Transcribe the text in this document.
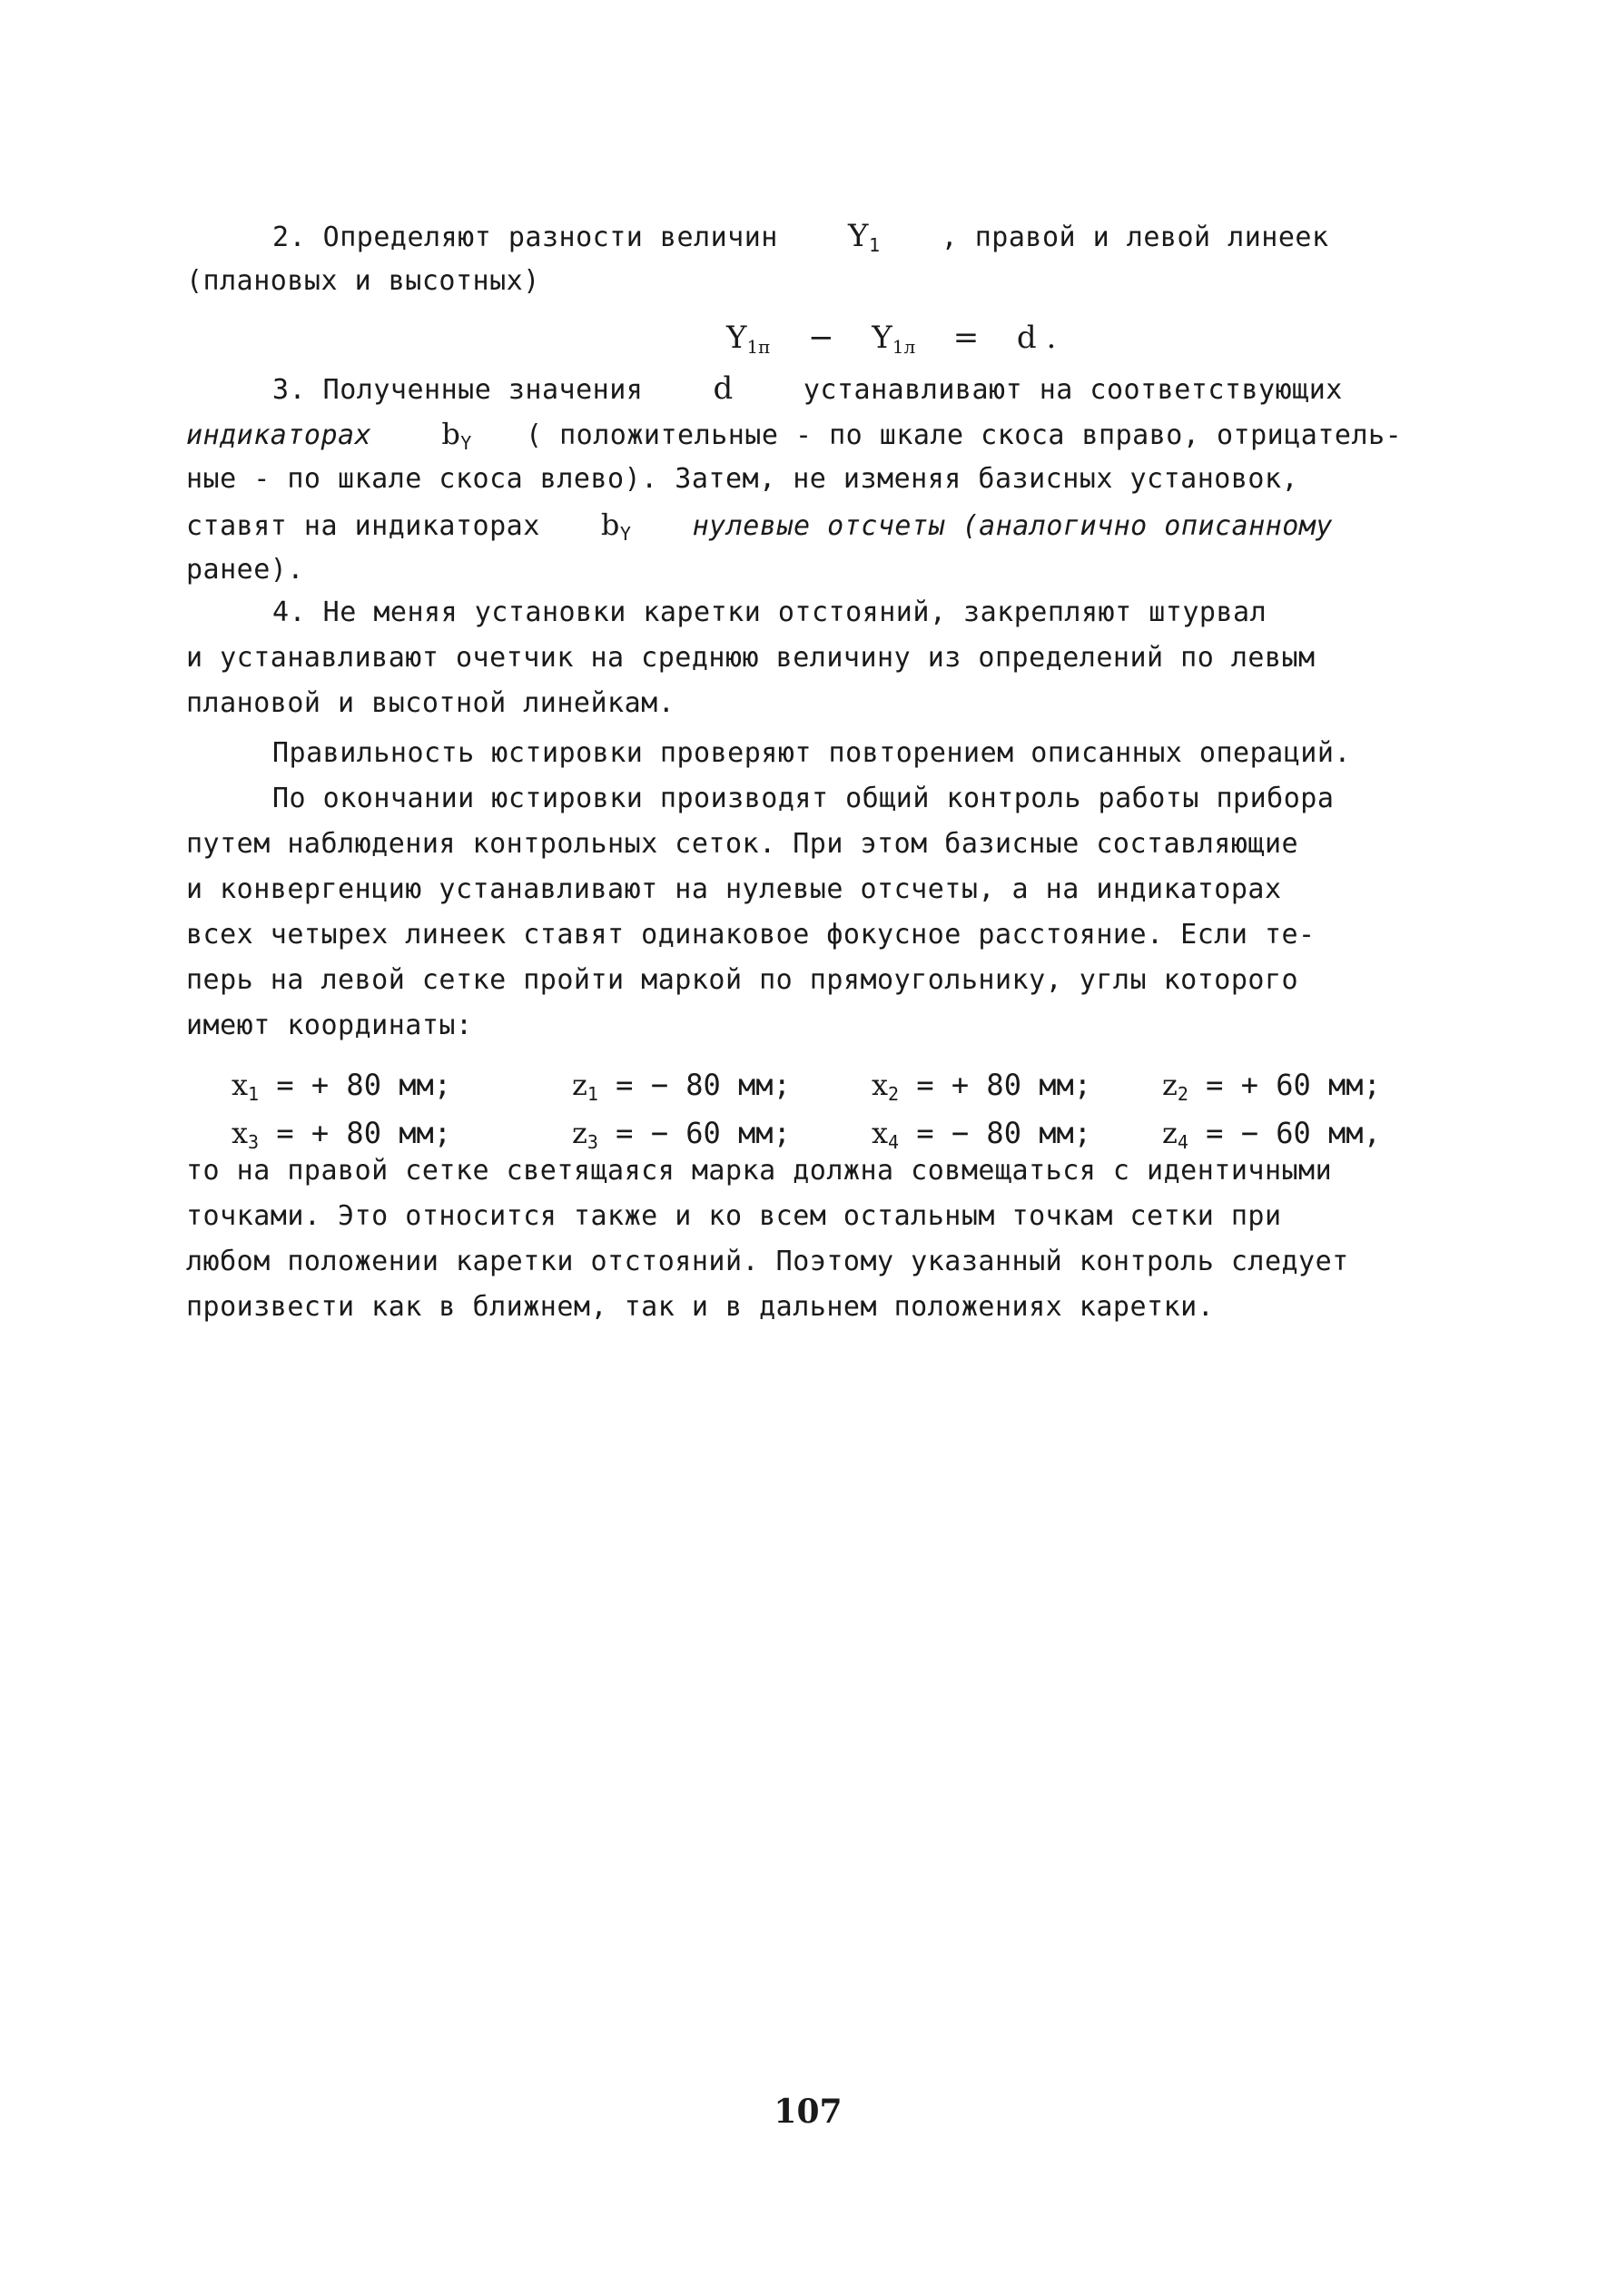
2. Определяют разности величин $Y_1$ , правой и левой линеек
(плановых и высотных)
$Y_{1п} - Y_{1л} = d$ .
3. Полученные значения d	устанавливают на соответствующих
индикаторах $b_Y$ ( положительные - по шкале скоса вправо, отрицатель-
ные - по шкале скоса влево). Затем, не изменяя базисных установок,
ставят на индикаторах $b_Y$ нулевые отсчеты (аналогично описанному
ранее).
4. Не меняя установки каретки отстояний, закрепляют штурвал
и устанавливают очетчик на среднюю величину из определений по левым
плановой и высотной линейкам.
Правильность юстировки проверяют повторением описанных операций.
По окончании юстировки производят общий контроль работы прибора
путем наблюдения контрольных сеток. При этом базисные составляющие
и конвергенцию устанавливают на нулевые отсчеты, а на индикаторах
всех четырех линеек ставят одинаковое фокусное расстояние. Если те-
перь на левой сетке пройти маркой по прямоугольнику, углы которого
имеют координаты:
$x_1$ = + 80 мм;	$z_1$ = − 80 мм;	$x_2$ = + 80 мм; $z_2$ = + 60 мм;
$x_3$ = + 80 мм;	$z_3$ = − 60 мм;	$x_4$ = − 80 мм; $z_4$ = − 60 мм,
то на правой сетке светящаяся марка должна совмещаться с идентичными
точками. Это относится также и ко всем остальным точкам сетки при
любом положении каретки отстояний. Поэтому указанный контроль следует
произвести как в ближнем, так и в дальнем положениях каретки.
107
